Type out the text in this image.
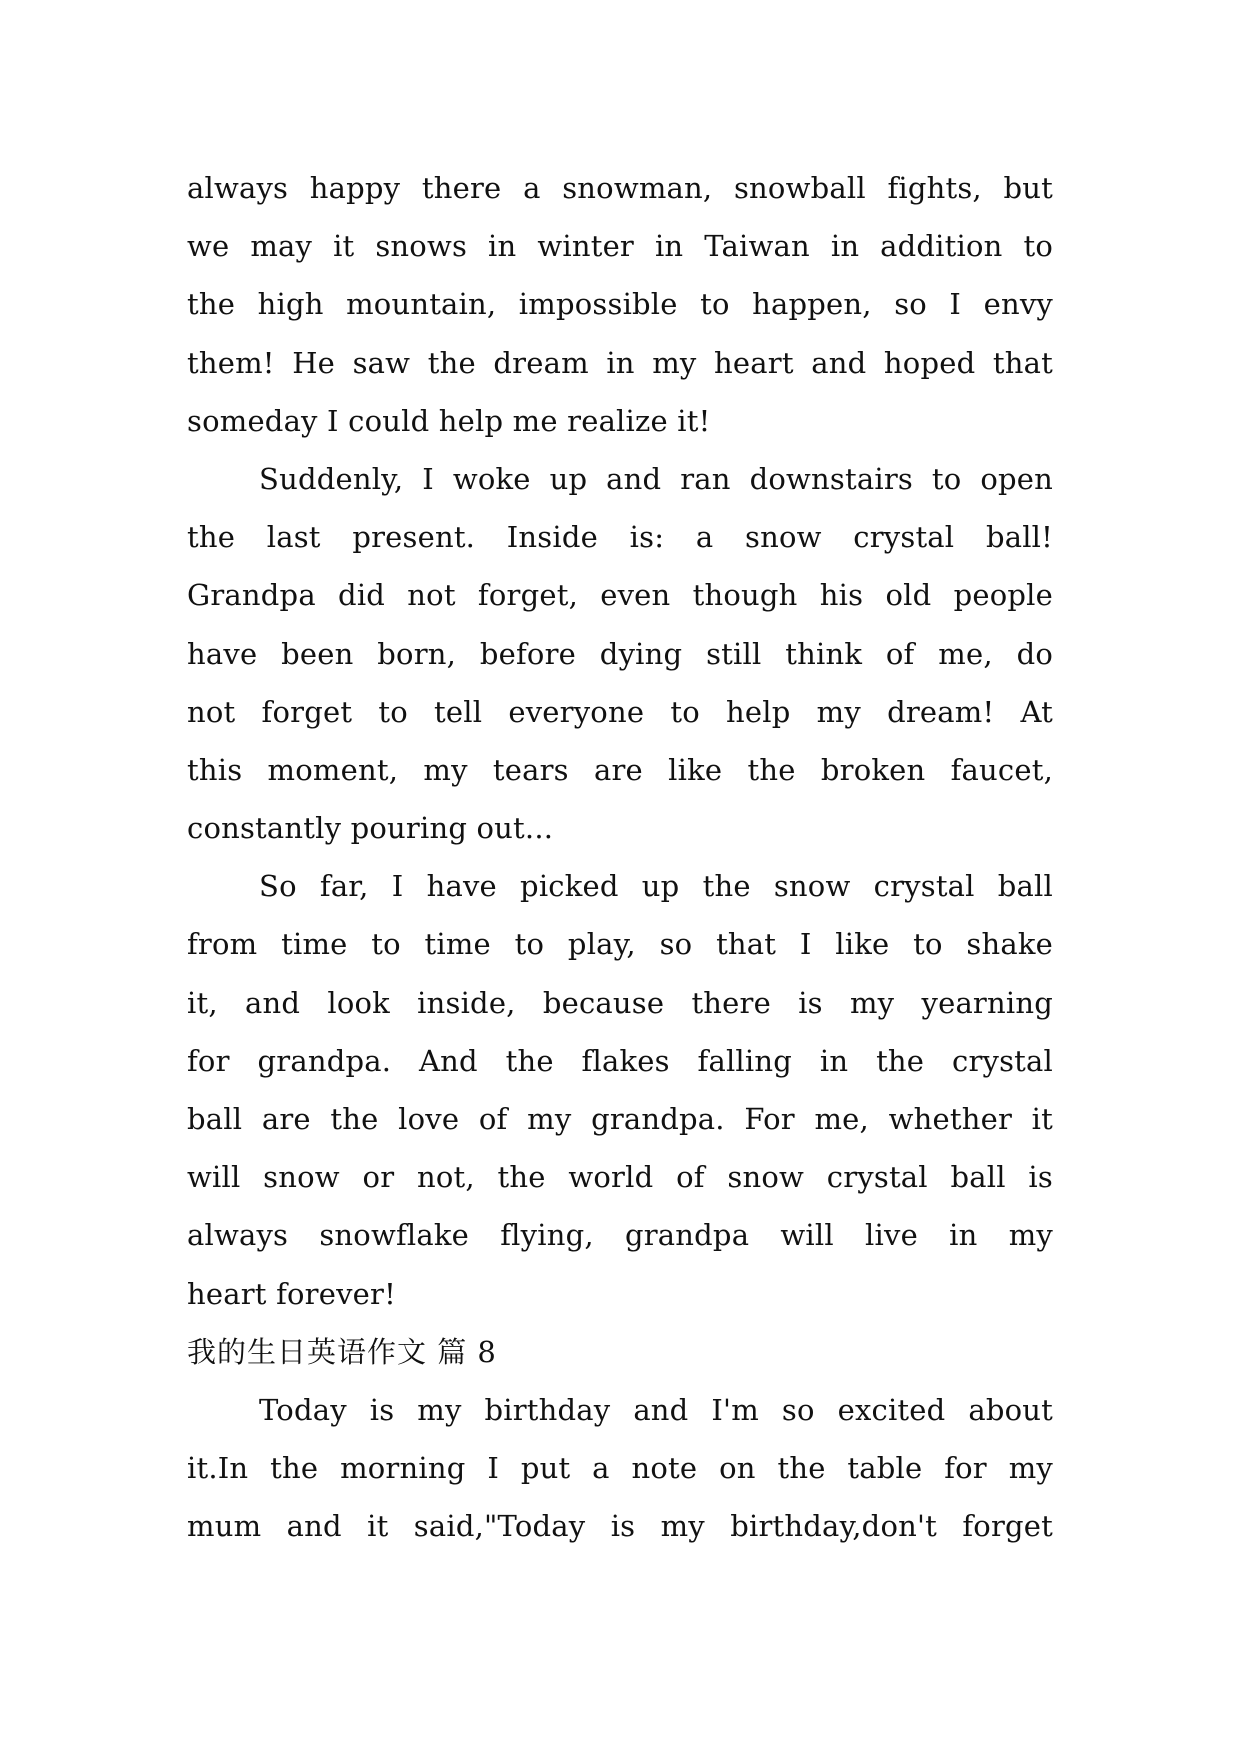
always happy there a snowman, snowball fights, but
we may it snows in winter in Taiwan in addition to
the high mountain, impossible to happen, so I envy
them! He saw the dream in my heart and hoped that
someday I could help me realize it!
Suddenly, I woke up and ran downstairs to open
the last present. Inside is: a snow crystal ball!
Grandpa did not forget, even though his old people
have been born, before dying still think of me, do
not forget to tell everyone to help my dream! At
this moment, my tears are like the broken faucet,
constantly pouring out...
So far, I have picked up the snow crystal ball
from time to time to play, so that I like to shake
it, and look inside, because there is my yearning
for grandpa. And the flakes falling in the crystal
ball are the love of my grandpa. For me, whether it
will snow or not, the world of snow crystal ball is
always snowflake flying, grandpa will live in my
heart forever!
我的生日英语作文 篇 8
Today is my birthday and I'm so excited about
it.In the morning I put a note on the table for my
mum and it said,"Today is my birthday,don't forget
